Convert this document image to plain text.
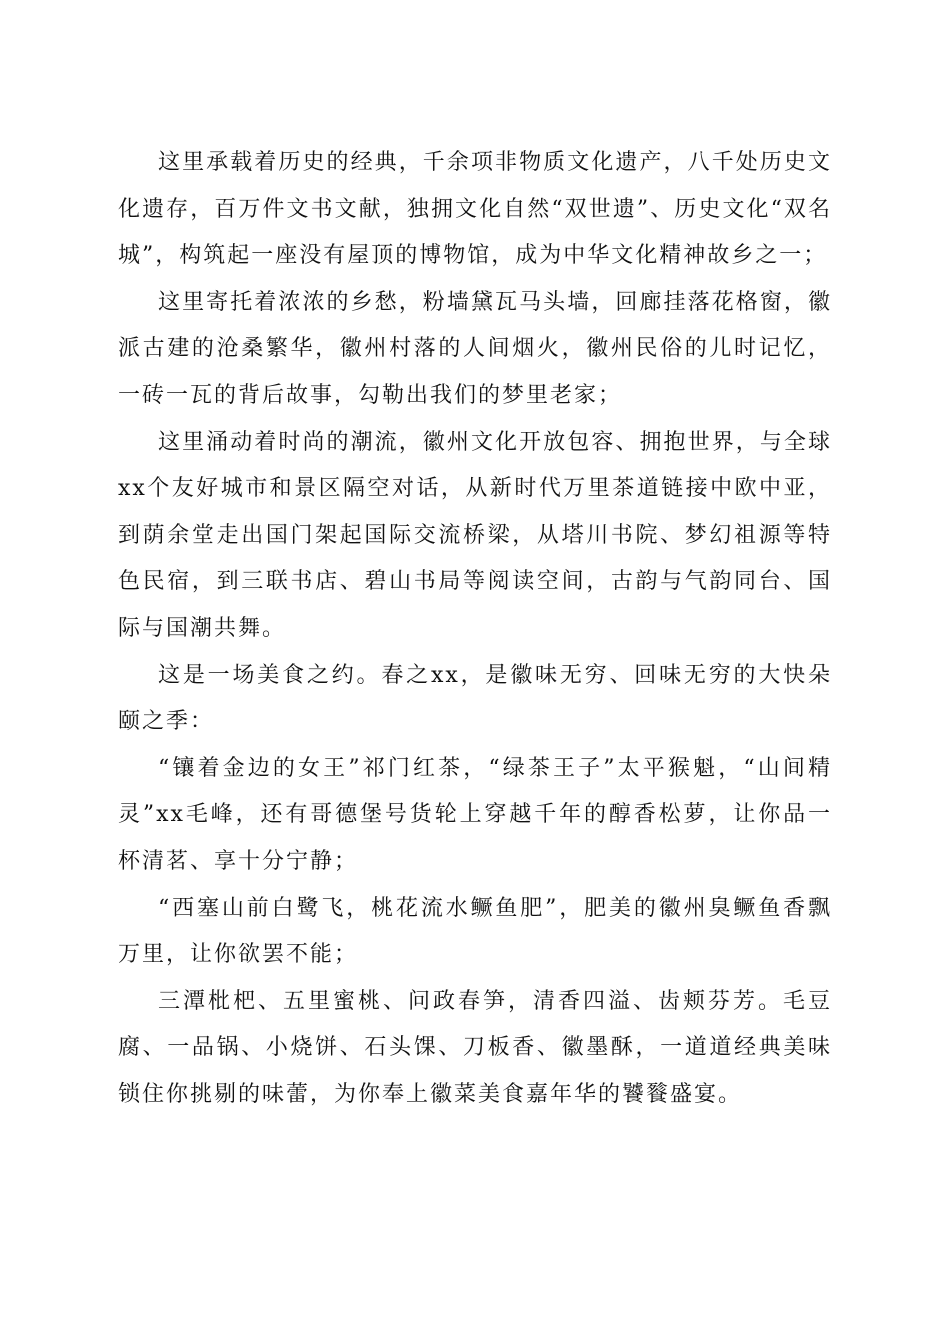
这里承载着历史的经典，千余项非物质文化遗产，八千处历史文化遗存，百万件文书文献，独拥文化自然“双世遗”、历史文化“双名城”，构筑起一座没有屋顶的博物馆，成为中华文化精神故乡之一；

这里寄托着浓浓的乡愁，粉墙黛瓦马头墙，回廊挂落花格窗，徽派古建的沧桑繁华，徽州村落的人间烟火，徽州民俗的儿时记忆，一砖一瓦的背后故事，勾勒出我们的梦里老家；

这里涌动着时尚的潮流，徽州文化开放包容、拥抱世界，与全球xx个友好城市和景区隔空对话，从新时代万里茶道链接中欧中亚，到荫余堂走出国门架起国际交流桥梁，从塔川书院、梦幻祖源等特色民宿，到三联书店、碧山书局等阅读空间，古韵与气韵同台、国际与国潮共舞。

这是一场美食之约。春之xx，是徽味无穷、回味无穷的大快朵颐之季：

“镶着金边的女王”祁门红茶，“绿茶王子”太平猴魁，“山间精灵”xx毛峰，还有哥德堡号货轮上穿越千年的醇香松萝，让你品一杯清茗、享十分宁静；

“西塞山前白鹭飞，桃花流水鳜鱼肥”，肥美的徽州臭鳜鱼香飘万里，让你欲罢不能；

三潭枇杷、五里蜜桃、问政春笋，清香四溢、齿颊芬芳。毛豆腐、一品锅、小烧饼、石头馃、刀板香、徽墨酥，一道道经典美味锁住你挑剔的味蕾，为你奉上徽菜美食嘉年华的饕餮盛宴。
